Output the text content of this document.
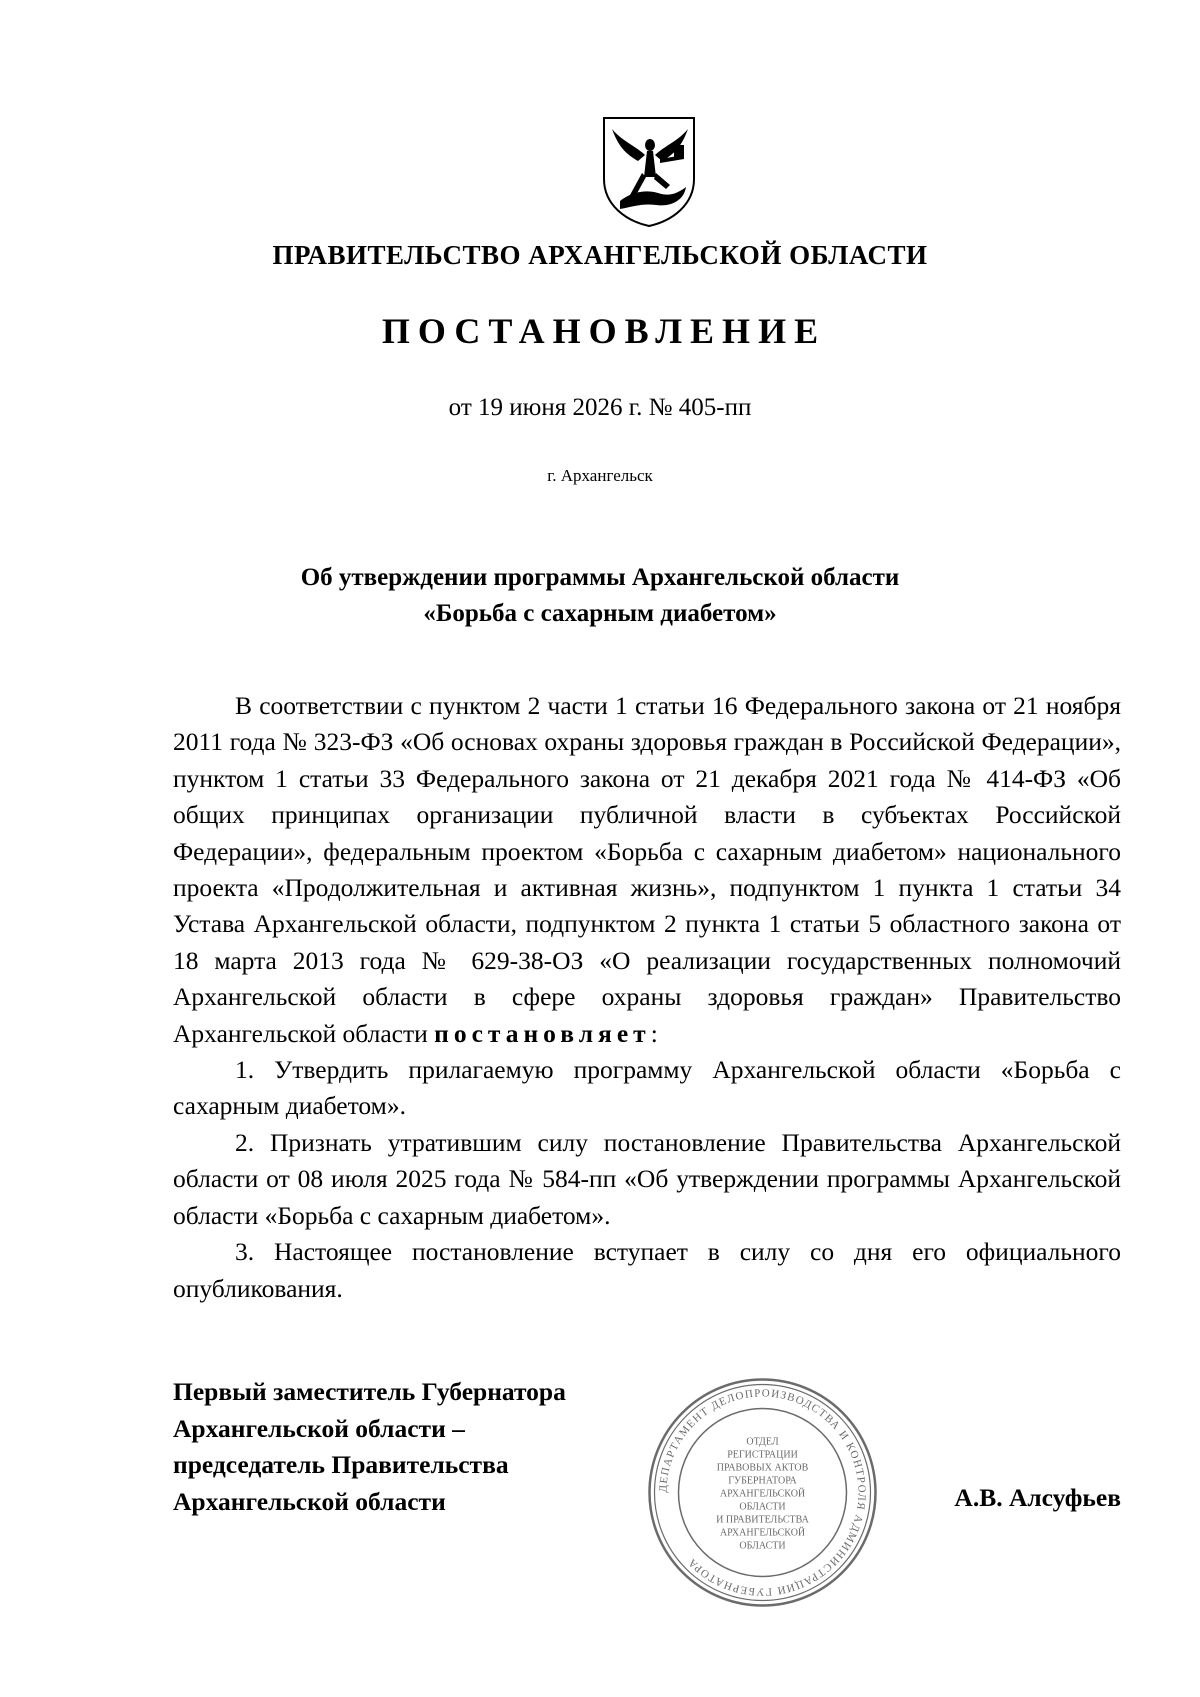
ПРАВИТЕЛЬСТВО АРХАНГЕЛЬСКОЙ ОБЛАСТИ
ПОСТАНОВЛЕНИЕ
от 19 июня 2026 г. № 405-пп
г. Архангельск
Об утверждении программы Архангельской области
«Борьба с сахарным диабетом»

В соответствии с пунктом 2 части 1 статьи 16 Федерального закона от 21 ноября 2011 года № 323-ФЗ «Об основах охраны здоровья граждан в Российской Федерации», пунктом 1 статьи 33 Федерального закона от 21 декабря 2021 года № 414-ФЗ «Об общих принципах организации публичной власти в субъектах Российской Федерации», федеральным проектом «Борьба с сахарным диабетом» национального проекта «Продолжительная и активная жизнь», подпунктом 1 пункта 1 статьи 34 Устава Архангельской области, подпунктом 2 пункта 1 статьи 5 областного закона от 18 марта 2013 года № 629-38-ОЗ «О реализации государственных полномочий Архангельской области в сфере охраны здоровья граждан» Правительство Архангельской области постановляет:

1. Утвердить прилагаемую программу Архангельской области «Борьба с сахарным диабетом».

2. Признать утратившим силу постановление Правительства Архангельской области от 08 июля 2025 года № 584-пп «Об утверждении программы Архангельской области «Борьба с сахарным диабетом».

3. Настоящее постановление вступает в силу со дня его официального опубликования.

Первый заместитель Губернатора
Архангельской области –
председатель Правительства
Архангельской области	ДЕПАРТАМЕНТ ДЕЛОПРОИЗВОДСТВА И КОНТРОЛЯ АДМИНИСТРАЦИИ ГУБЕРНАТОРА
ОТДЕЛ
РЕГИСТРАЦИИ
ПРАВОВЫХ АКТОВ
ГУБЕРНАТОРА
АРХАНГЕЛЬСКОЙ
ОБЛАСТИ
И ПРАВИТЕЛЬСТВА
АРХАНГЕЛЬСКОЙ
ОБЛАСТИ
А.В. Алсуфьев
